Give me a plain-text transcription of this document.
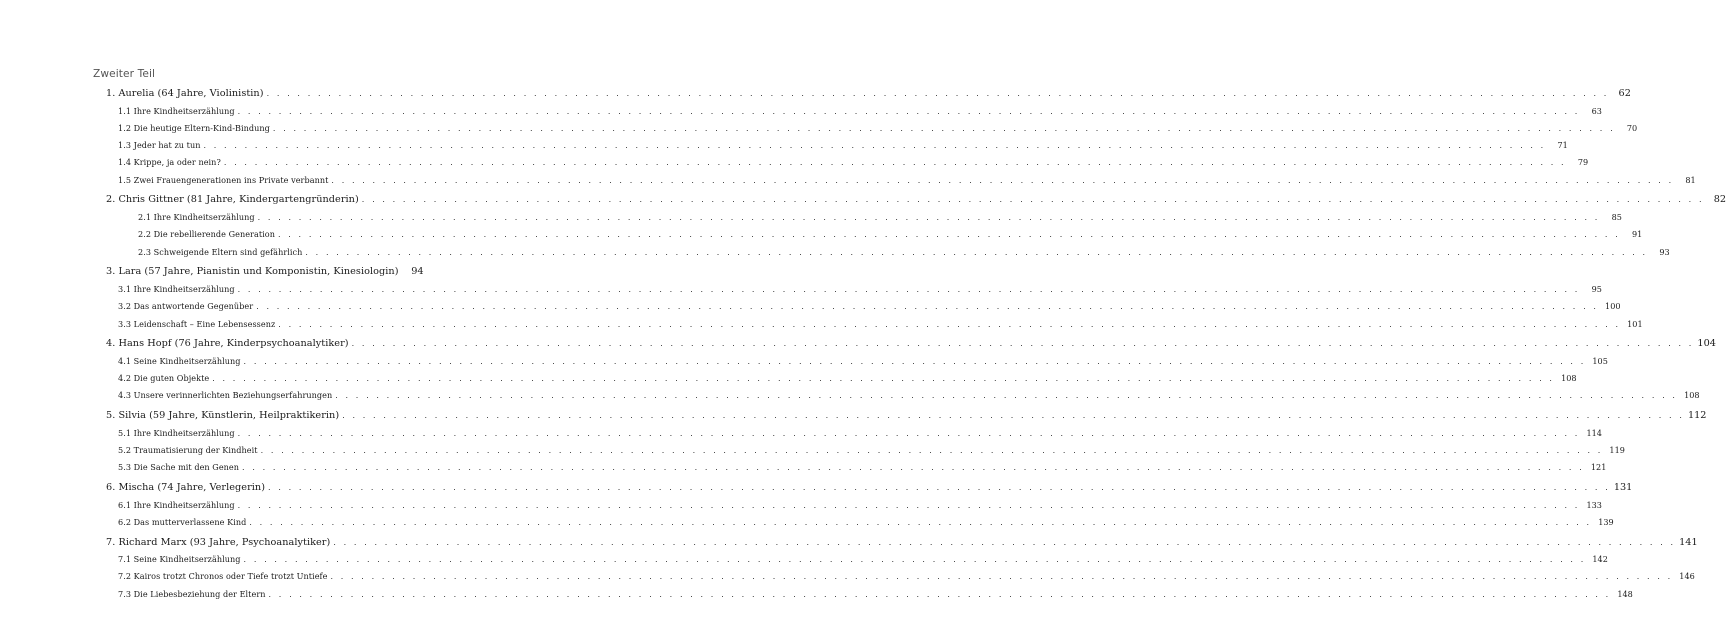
Zweiter Teil
1. Aurelia (64 Jahre, Violinistin) . . .	62
1.1 Ihre Kindheitserzählung . . .	63
1.2 Die heutige Eltern-Kind-Bindung . . .	70
1.3 Jeder hat zu tun . . .	71
1.4 Krippe, ja oder nein? . . .	79
1.5 Zwei Frauengenerationen ins Private verbannt . . .	81
2. Chris Gittner (81 Jahre, Kindergartengründerin) . . .	82
2.1 Ihre Kindheitserzählung . . .	85
2.2 Die rebellierende Generation . . .	91
2.3 Schweigende Eltern sind gefährlich . . .	93
3. Lara (57 Jahre, Pianistin und Komponistin, Kinesiologin)	94
3.1 Ihre Kindheitserzählung . . .	95
3.2 Das antwortende Gegenüber . . .	100
3.3 Leidenschaft – Eine Lebensessenz . . .	101
4. Hans Hopf (76 Jahre, Kinderpsychoanalytiker) . . .	104
4.1 Seine Kindheitserzählung . . .	105
4.2 Die guten Objekte . . .	108
4.3 Unsere verinnerlichten Beziehungserfahrungen . . .	108
5. Silvia (59 Jahre, Künstlerin, Heilpraktikerin) . . .	112
5.1 Ihre Kindheitserzählung . . .	114
5.2 Traumatisierung der Kindheit . . .	119
5.3 Die Sache mit den Genen . . .	121
6. Mischa (74 Jahre, Verlegerin) . . .	131
6.1 Ihre Kindheitserzählung . . .	133
6.2 Das mutterverlassene Kind . . .	139
7. Richard Marx (93 Jahre, Psychoanalytiker) . . .	141
7.1 Seine Kindheitserzählung . . .	142
7.2 Kairos trotzt Chronos oder Tiefe trotzt Untiefe . . .	146
7.3 Die Liebesbeziehung der Eltern . . .	148
